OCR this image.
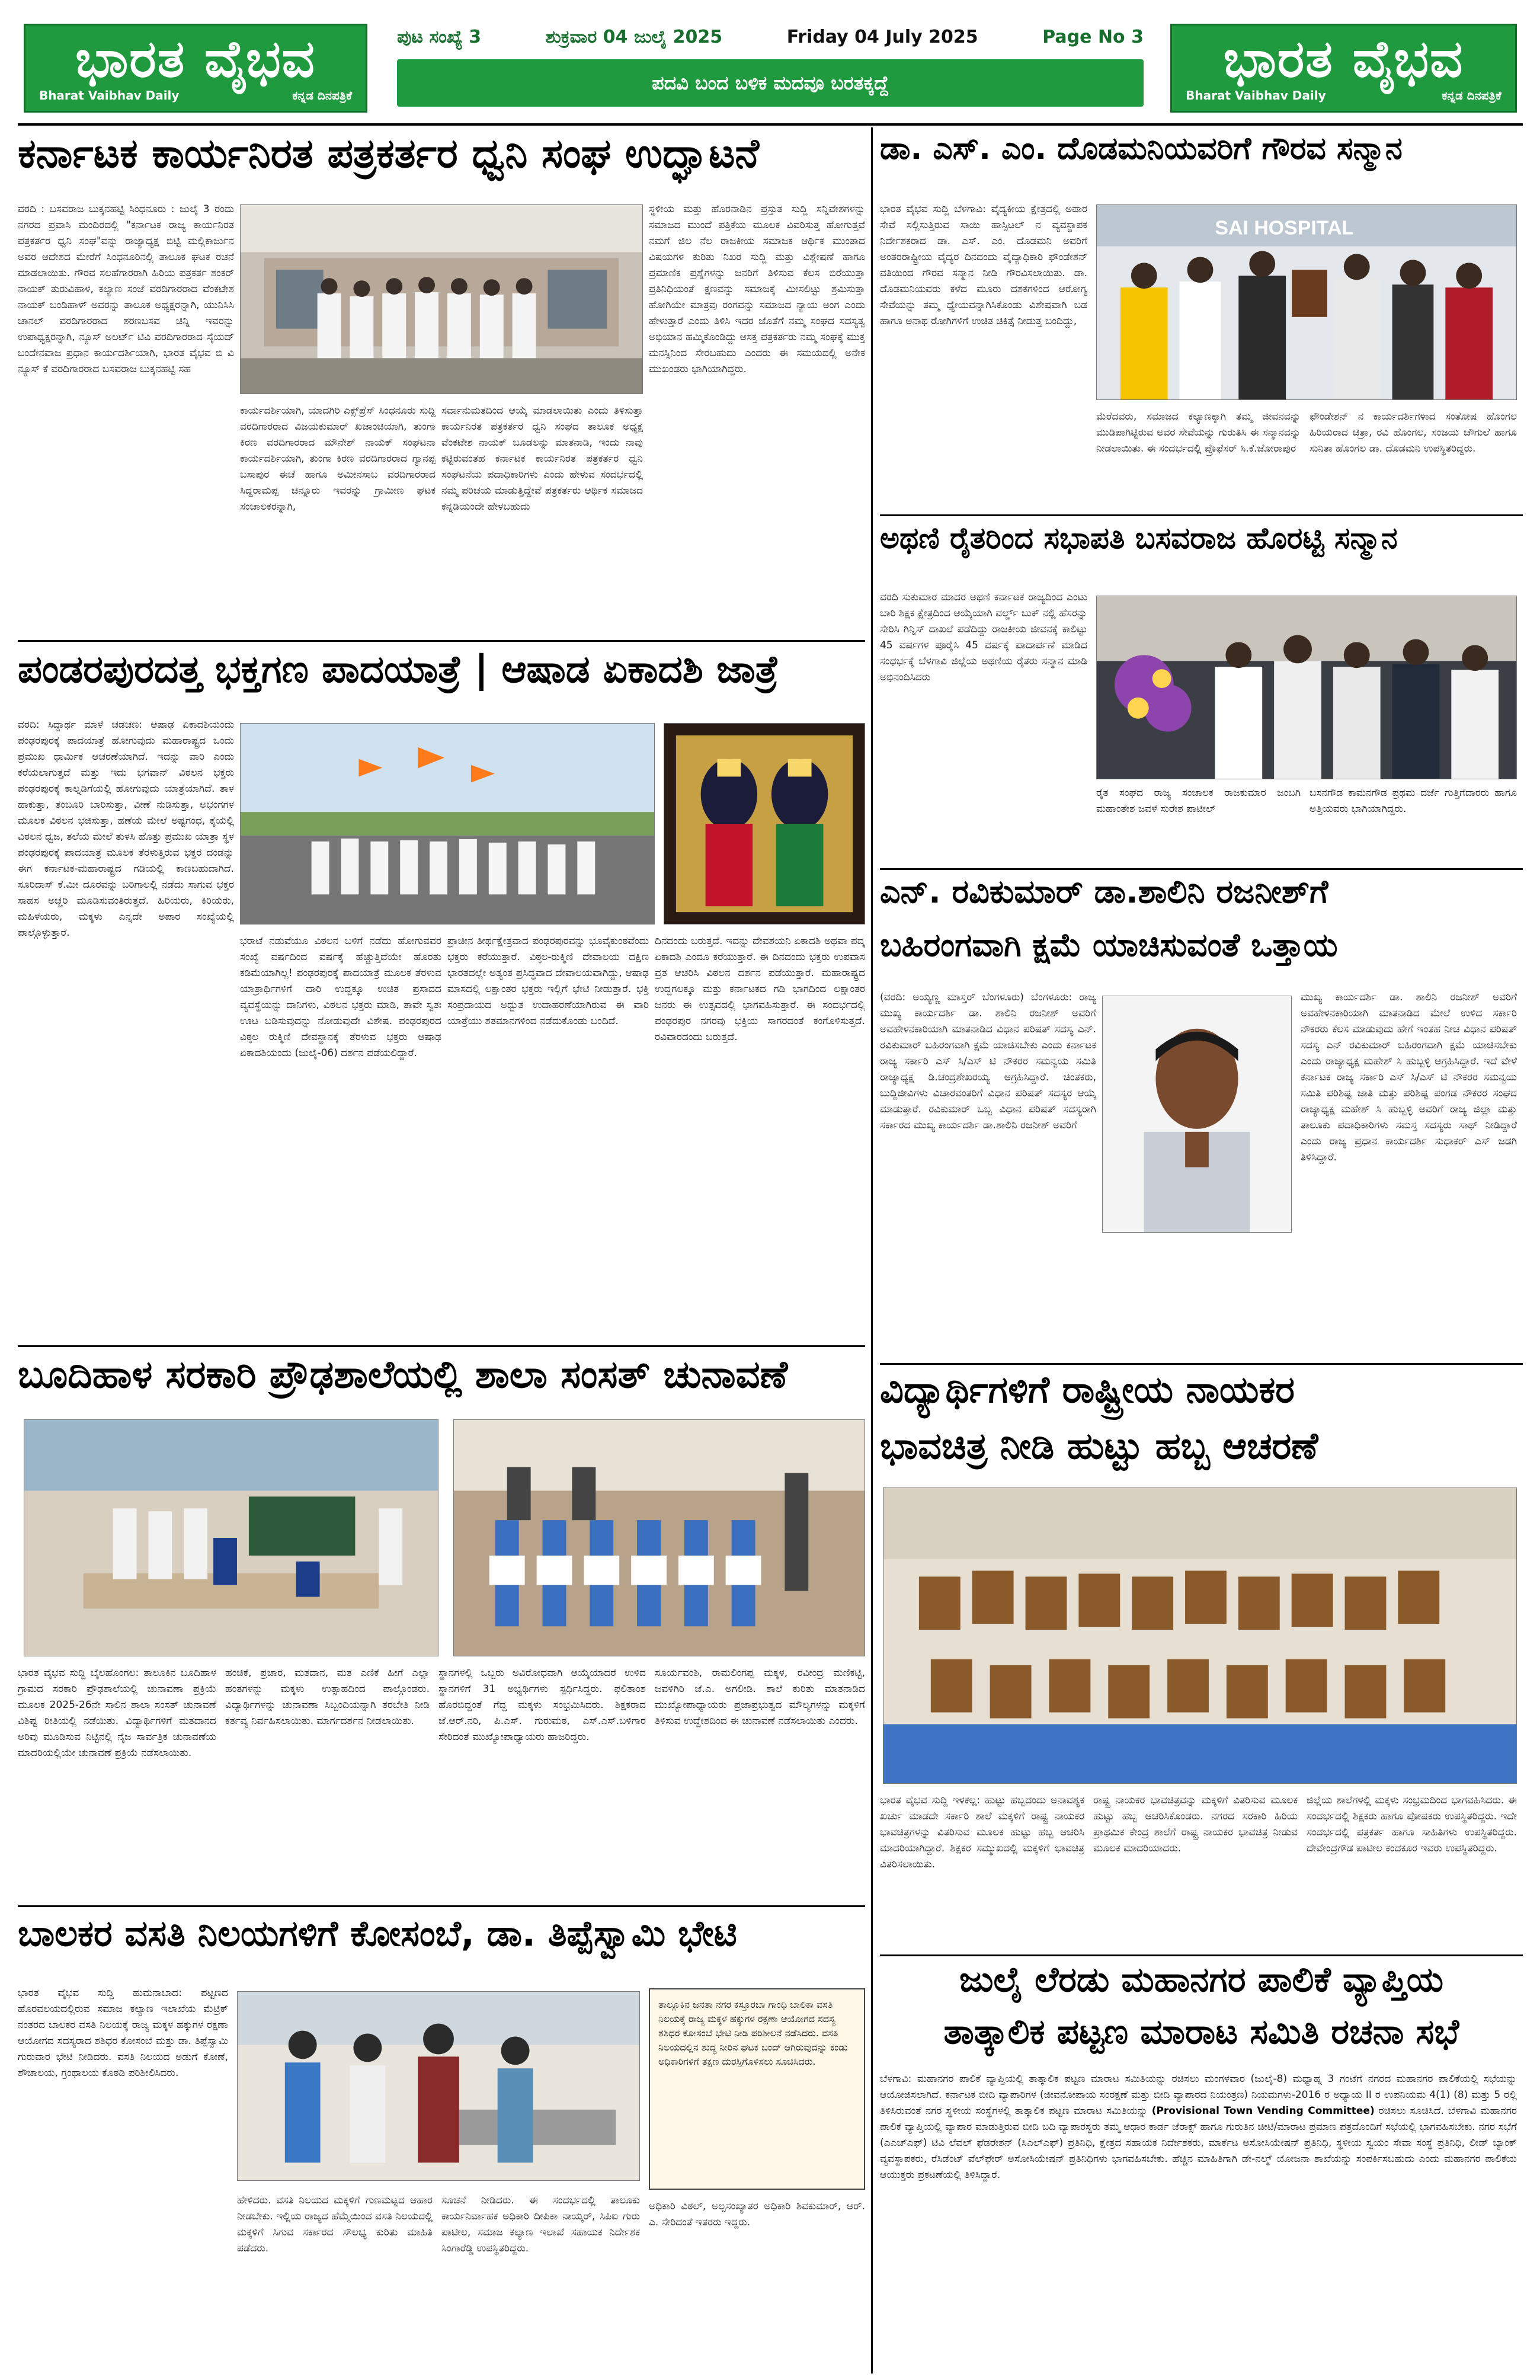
ಭಾರತ ವೈಭವ
Bharat Vaibhav Daily	ಕನ್ನಡ ದಿನಪತ್ರಿಕೆ
ಪುಟ ಸಂಖ್ಯೆ 3	ಶುಕ್ರವಾರ 04 ಜುಲೈ 2025	Friday 04 July 2025	Page No 3
ಪದವಿ ಬಂದ ಬಳಿಕ ಮದವೂ ಬರತಕ್ಕದ್ದೆ	ಭಾರತ ವೈಭವ
Bharat Vaibhav Daily	ಕನ್ನಡ ದಿನಪತ್ರಿಕೆ
ಕರ್ನಾಟಕ ಕಾರ್ಯನಿರತ ಪತ್ರಕರ್ತರ ಧ್ವನಿ ಸಂಘ ಉದ್ಘಾಟನೆ
ವರದಿ : ಬಸವರಾಜ ಬುಕ್ಕನಹಟ್ಟಿ ಸಿಂಧನೂರು : ಜುಲೈ 3 ರಂದು ನಗರದ ಪ್ರವಾಸಿ ಮಂದಿರದಲ್ಲಿ "ಕರ್ನಾಟಕ ರಾಜ್ಯ ಕಾರ್ಯನಿರತ ಪತ್ರಕರ್ತರ ಧ್ವನಿ ಸಂಘ"ವನ್ನು ರಾಜ್ಯಾಧ್ಯಕ್ಷ ಬಿಟ್ಟಿ ಮಲ್ಲಿಕಾರ್ಜುನ ಅವರ ಆದೇಶದ ಮೇರೆಗೆ ಸಿಂಧನೂರಿನಲ್ಲಿ ತಾಲೂಕ ಘಟಕ ರಚನೆ ಮಾಡಲಾಯಿತು. ಗೌರವ ಸಲಹೆಗಾರರಾಗಿ ಹಿರಿಯ ಪತ್ರಕರ್ತ ಶಂಕರ್ ನಾಯಕ್ ತುರುವಿಹಾಳ, ಕಲ್ಯಾಣ ಸಂಜೆ ವರದಿಗಾರರಾದ ವೆಂಕಟೇಶ ನಾಯಕ್ ಬಂಡಿಹಾಳ್ ಅವರನ್ನು ತಾಲೂಕ ಅಧ್ಯಕ್ಷರನ್ನಾಗಿ, ಯುನಿಸಿಸಿ ಚಾನಲ್ ವರದಿಗಾರರಾದ ಶರಣಬಸವ ಚಿನ್ನಿ ಇವರನ್ನು ಉಪಾಧ್ಯಕ್ಷರನ್ನಾಗಿ, ನ್ಯೂಸ್ ಅಲರ್ಟ್ ಟಿವಿ ವರದಿಗಾರರಾದ ಸೈಯದ್ ಬಂದೇನವಾಜ ಪ್ರಧಾನ ಕಾರ್ಯದರ್ಶಿಯಾಗಿ, ಭಾರತ ವೈಭವ ಬಿ ವಿ ನ್ಯೂಸ್ ಕೆ ವರದಿಗಾರರಾದ ಬಸವರಾಜ ಬುಕ್ಕನಹಟ್ಟಿ ಸಹ
ಕಾರ್ಯದರ್ಶಿಯಾಗಿ, ಯಾದಗಿರಿ ಎಕ್ಸ್‌ಪ್ರೆಸ್ ಸಿಂಧನೂರು ಸುದ್ದಿ ವರದಿಗಾರರಾದ ವಿಜಯಕುಮಾರ್ ಖಜಾಂಚಿಯಾಗಿ, ತುಂಗಾ ಕಿರಣ ವರದಿಗಾರರಾದ ಮೌನೇಶ್ ನಾಯಕ್ ಸಂಘಟನಾ ಕಾರ್ಯದರ್ಶಿಯಾಗಿ, ತುಂಗಾ ಕಿರಣ ವರದಿಗಾರರಾದ ಗ್ಯಾನಪ್ಪ ಬಸಾಪುರ ಈಚೆ ಹಾಗೂ ಅಮೀನಸಾಬ ವರದಿಗಾರರಾದ ಸಿದ್ದರಾಮಪ್ಪ ಚಿನ್ನೂರು ಇವರನ್ನು ಗ್ರಾಮೀಣ ಘಟಕ ಸಂಚಾಲಕರನ್ನಾಗಿ,
ಸರ್ವಾನುಮತದಿಂದ ಆಯ್ಕೆ ಮಾಡಲಾಯಿತು ಎಂದು ತಿಳಿಸುತ್ತಾ ಕಾರ್ಯನಿರತ ಪತ್ರಕರ್ತರ ಧ್ವನಿ ಸಂಘದ ತಾಲೂಕ ಅಧ್ಯಕ್ಷ ವೆಂಕಟೇಶ ನಾಯಕ್ ಬೂಡಲನ್ನು ಮಾತನಾಡಿ, ಇಂದು ನಾವು ಕಟ್ಟಿರುವಂತಹ ಕರ್ನಾಟಕ ಕಾರ್ಯನಿರತ ಪತ್ರಕರ್ತರ ಧ್ವನಿ ಸಂಘಟನೆಯ ಪದಾಧಿಕಾರಿಗಳು ಎಂದು ಹೇಳುವ ಸಂದರ್ಭದಲ್ಲಿ ನಮ್ಮ ಪರಿಚಯ ಮಾಡುತ್ತಿದ್ದೇವೆ ಪತ್ರಕರ್ತರು ಆರ್ಥಿಕ ಸಮಾಜದ ಕನ್ನಡಿಯಂದೇ ಹೇಳಬಹುದು
ಸ್ಥಳೀಯ ಮತ್ತು ಹೊರನಾಡಿನ ಪ್ರಸ್ತುತ ಸುದ್ದಿ ಸನ್ನಿವೇಶಗಳನ್ನು ಸಮಾಜದ ಮುಂದೆ ಪತ್ರಿಕೆಯ ಮೂಲಕ ವಿವರಿಸುತ್ತ ಹೋಗುತ್ತವೆ ನಮಗೆ ಜಿಲ ನೆಲ ರಾಜಕೀಯ ಸಮಾಜಕ ಆರ್ಥಿಕ ಮುಂತಾದ ವಿಷಯಗಳ ಕುರಿತು ನಿಖರ ಸುದ್ದಿ ಮತ್ತು ವಿಶ್ಲೇಷಣೆ ಹಾಗೂ ಪ್ರಮಾಣಿಕ ಪ್ರಶ್ನೆಗಳನ್ನು ಜನರಿಗೆ ತಿಳಿಸುವ ಕೆಲಸ ಬಿರೆಯುತ್ತಾ ಪ್ರತಿನಿಧಿಯಂತೆ ಕ್ಷಣವನ್ನು ಸಮಾಜಕ್ಕೆ ಮೀಸಲಿಟ್ಟು ಶ್ರಮಿಸುತ್ತಾ ಹೋಗಿಯೇ ಮಾತ್ರವು ರಂಗವನ್ನು ಸಮಾಜದ ನ್ಯಾಯ ಅಂಗ ಎಂದು ಹೇಳುತ್ತಾರೆ ಎಂದು ತಿಳಿಸಿ ಇದರ ಜೊತೆಗೆ ನಮ್ಮ ಸಂಘದ ಸದಸ್ಯತ್ವ ಅಭಿಯಾನ ಹಮ್ಮಿಕೊಂಡಿದ್ದು ಆಸಕ್ತ ಪತ್ರಕರ್ತರು ನಮ್ಮ ಸಂಘಕ್ಕೆ ಮುಕ್ತ ಮನಸ್ಸಿನಿಂದ ಸೇರಬಹುದು ಎಂದರು ಈ ಸಮಯದಲ್ಲಿ ಅನೇಕ ಮುಖಂಡರು ಭಾಗಿಯಾಗಿದ್ದರು.
ಪಂಡರಪುರದತ್ತ ಭಕ್ತಗಣ ಪಾದಯಾತ್ರೆ | ಆಷಾಡ ಏಕಾದಶಿ ಜಾತ್ರೆ
ವರದಿ: ಸಿದ್ದಾರ್ಥ ಮಾಳೆ ಚಡಚಣ: ಆಷಾಢ ಏಕಾದಶಿಯಂದು ಪಂಢರಪುರಕ್ಕೆ ಪಾದಯಾತ್ರೆ ಹೋಗುವುದು ಮಹಾರಾಷ್ಟ್ರದ ಒಂದು ಪ್ರಮುಖ ಧಾರ್ಮಿಕ ಆಚರಣೆಯಾಗಿದೆ. ಇದನ್ನು ವಾರಿ ಎಂದು ಕರೆಯಲಾಗುತ್ತದೆ ಮತ್ತು ಇದು ಭಗವಾನ್ ವಿಠಲನ ಭಕ್ತರು ಪಂಢರಪುರಕ್ಕೆ ಕಾಲ್ನಡಿಗೆಯಲ್ಲಿ ಹೋಗುವುದು ಯಾತ್ರೆಯಾಗಿದೆ. ತಾಳ ಹಾಕುತ್ತಾ, ತಂಬೂರಿ ಬಾರಿಸುತ್ತಾ, ವೀಣೆ ನುಡಿಸುತ್ತಾ, ಅಭಂಗಗಳ ಮೂಲಕ ವಿಠಲನ ಭಜಿಸುತ್ತಾ, ಹಣೆಯ ಮೇಲೆ ಅಷ್ಟಗಂಧ, ಕೈಯಲ್ಲಿ ವಿಠಲನ ಧ್ವಜ, ತಲೆಯ ಮೇಲೆ ತುಳಸಿ ಹೊತ್ತು ಪ್ರಮುಖ ಯಾತ್ರಾ ಸ್ಥಳ ಪಂಢರಪುರಕ್ಕೆ ಪಾದಯಾತ್ರೆ ಮೂಲಕ ತೆರಳುತ್ತಿರುವ ಭಕ್ತರ ದಂಡನ್ನು ಈಗ ಕರ್ನಾಟಕ-ಮಹಾರಾಷ್ಟ್ರದ ಗಡಿಯಲ್ಲಿ ಕಾಣಬಹುದಾಗಿದೆ. ಸೂರಿದಾಸ್ ಕೆ.ಮೀ ದೂರವನ್ನು ಬರಿಗಾಲಲ್ಲಿ ನಡೆದು ಸಾಗುವ ಭಕ್ತರ ಸಾಹಸ ಅಚ್ಚರಿ ಮೂಡಿಸುವಂತಿರುತ್ತದೆ. ಹಿರಿಯರು, ಕಿರಿಯರು, ಮಹಿಳೆಯರು, ಮಕ್ಕಳು ಎನ್ನದೇ ಅಪಾರ ಸಂಖ್ಯೆಯಲ್ಲಿ ಪಾಲ್ಗೊಳ್ಳುತ್ತಾರೆ.
ಭರಾಟೆ ನಡುವೆಯೂ ವಿಠಲನ ಬಳಿಗೆ ನಡೆದು ಹೋಗುವವರ ಸಂಖ್ಯೆ ವರ್ಷದಿಂದ ವರ್ಷಕ್ಕೆ ಹೆಚ್ಚುತ್ತಿದೆಯೇ ಹೊರತು ಕಡಿಮೆಯಾಗಿಲ್ಲ! ಪಂಢರಪುರಕ್ಕೆ ಪಾದಯಾತ್ರೆ ಮೂಲಕ ತೆರಳುವ ಯಾತ್ರಾರ್ಥಿಗಳಿಗೆ ದಾರಿ ಉದ್ದಕ್ಕೂ ಉಚಿತ ಪ್ರಸಾದದ ವ್ಯವಸ್ಥೆಯನ್ನು ದಾನಿಗಳು, ವಿಠಲನ ಭಕ್ತರು ಮಾಡಿ, ತಾವೇ ಸ್ವತಃ ಊಟ ಬಡಿಸುವುದನ್ನು ನೋಡುವುದೇ ವಿಶೇಷ. ಪಂಢರಪುರದ ವಿಠ್ಠಲ ರುಕ್ಮಿಣಿ ದೇವಸ್ಥಾನಕ್ಕೆ ತೆರಳುವ ಭಕ್ತರು ಆಷಾಢ ಏಕಾದಶಿಯಂದು (ಜುಲೈ-06) ದರ್ಶನ ಪಡೆಯಲಿದ್ದಾರೆ.
ಪ್ರಾಚೀನ ತೀರ್ಥಕ್ಷೇತ್ರವಾದ ಪಂಢರಪುರವನ್ನು ಭೂವೈಕುಂಠವೆಂದು ಭಕ್ತರು ಕರೆಯುತ್ತಾರೆ. ವಿಠ್ಠಲ-ರುಕ್ಮಿಣಿ ದೇವಾಲಯ ದಕ್ಷಿಣ ಭಾರತದಲ್ಲೇ ಅತ್ಯಂತ ಪ್ರಸಿದ್ಧವಾದ ದೇವಾಲಯವಾಗಿದ್ದು, ಆಷಾಢ ಮಾಸದಲ್ಲಿ ಲಕ್ಷಾಂತರ ಭಕ್ತರು ಇಲ್ಲಿಗೆ ಭೇಟಿ ನೀಡುತ್ತಾರೆ. ಭಕ್ತಿ ಸಂಪ್ರದಾಯದ ಅದ್ಭುತ ಉದಾಹರಣೆಯಾಗಿರುವ ಈ ವಾರಿ ಯಾತ್ರೆಯು ಶತಮಾನಗಳಿಂದ ನಡೆದುಕೊಂಡು ಬಂದಿದೆ.
ದಿನದಂದು ಬರುತ್ತದೆ. ಇದನ್ನು ದೇವಶಯನಿ ಏಕಾದಶಿ ಅಥವಾ ಪದ್ಮ ಏಕಾದಶಿ ಎಂದೂ ಕರೆಯುತ್ತಾರೆ. ಈ ದಿನದಂದು ಭಕ್ತರು ಉಪವಾಸ ವ್ರತ ಆಚರಿಸಿ ವಿಠಲನ ದರ್ಶನ ಪಡೆಯುತ್ತಾರೆ. ಮಹಾರಾಷ್ಟ್ರದ ಉದ್ದಗಲಕ್ಕೂ ಮತ್ತು ಕರ್ನಾಟಕದ ಗಡಿ ಭಾಗದಿಂದ ಲಕ್ಷಾಂತರ ಜನರು ಈ ಉತ್ಸವದಲ್ಲಿ ಭಾಗವಹಿಸುತ್ತಾರೆ. ಈ ಸಂದರ್ಭದಲ್ಲಿ ಪಂಢರಪುರ ನಗರವು ಭಕ್ತಿಯ ಸಾಗರದಂತೆ ಕಂಗೊಳಿಸುತ್ತದೆ. ರವಿವಾರದಂದು ಬರುತ್ತದೆ.
ಬೂದಿಹಾಳ ಸರಕಾರಿ ಪ್ರೌಢಶಾಲೆಯಲ್ಲಿ ಶಾಲಾ ಸಂಸತ್ ಚುನಾವಣೆ
ಭಾರತ ವೈಭವ ಸುದ್ದಿ ಬೈಲಹೊಂಗಲ: ತಾಲೂಕಿನ ಬೂದಿಹಾಳ ಗ್ರಾಮದ ಸರಕಾರಿ ಪ್ರೌಢಶಾಲೆಯಲ್ಲಿ ಚುನಾವಣಾ ಪ್ರಕ್ರಿಯೆ ಮೂಲಕ 2025-26ನೇ ಸಾಲಿನ ಶಾಲಾ ಸಂಸತ್ ಚುನಾವಣೆ ವಿಶಿಷ್ಟ ರೀತಿಯಲ್ಲಿ ನಡೆಯಿತು. ವಿದ್ಯಾರ್ಥಿಗಳಿಗೆ ಮತದಾನದ ಅರಿವು ಮೂಡಿಸುವ ನಿಟ್ಟಿನಲ್ಲಿ ನೈಜ ಸಾರ್ವತ್ರಿಕ ಚುನಾವಣೆಯ ಮಾದರಿಯಲ್ಲಿಯೇ ಚುನಾವಣೆ ಪ್ರಕ್ರಿಯೆ ನಡೆಸಲಾಯಿತು.
ಹಂಚಿಕೆ, ಪ್ರಚಾರ, ಮತದಾನ, ಮತ ಎಣಿಕೆ ಹೀಗೆ ಎಲ್ಲಾ ಹಂತಗಳನ್ನು ಮಕ್ಕಳು ಉತ್ಸಾಹದಿಂದ ಪಾಲ್ಗೊಂಡರು. ವಿದ್ಯಾರ್ಥಿಗಳನ್ನು ಚುನಾವಣಾ ಸಿಬ್ಬಂದಿಯನ್ನಾಗಿ ತರಬೇತಿ ನೀಡಿ ಕರ್ತವ್ಯ ನಿರ್ವಹಿಸಲಾಯಿತು. ಮಾರ್ಗದರ್ಶನ ನೀಡಲಾಯಿತು.
ಸ್ಥಾನಗಳಲ್ಲಿ ಒಬ್ಬರು ಅವಿರೋಧವಾಗಿ ಆಯ್ಕೆಯಾದರೆ ಉಳಿದ ಸ್ಥಾನಗಳಿಗೆ 31 ಅಭ್ಯರ್ಥಿಗಳು ಸ್ಪರ್ಧಿಸಿದ್ದರು. ಫಲಿತಾಂಶ ಹೊರಬಿದ್ದಂತೆ ಗೆದ್ದ ಮಕ್ಕಳು ಸಂಭ್ರಮಿಸಿದರು. ಶಿಕ್ಷಕರಾದ ಜೆ.ಆರ್.ನರಿ, ಪಿ.ಎಸ್. ಗುರುಮಠ, ಎಸ್.ಎಸ್.ಬಳಿಗಾರ ಸೇರಿದಂತೆ ಮುಖ್ಯೋಪಾಧ್ಯಾಯರು ಹಾಜರಿದ್ದರು.
ಸೂರ್ಯವಂಶಿ, ರಾಮಲಿಂಗಪ್ಪ ಮಕ್ಕಳ, ರವೀಂದ್ರ ಮಣಿಕಟ್ಟಿ, ಜವಳಿಗಿರಿ ಜೆ.ಎ. ಅಗಲೀಡಿ. ಶಾಲೆ ಕುರಿತು ಮಾತನಾಡಿದ ಮುಖ್ಯೋಪಾಧ್ಯಾಯರು ಪ್ರಜಾಪ್ರಭುತ್ವದ ಮೌಲ್ಯಗಳನ್ನು ಮಕ್ಕಳಿಗೆ ತಿಳಿಸುವ ಉದ್ದೇಶದಿಂದ ಈ ಚುನಾವಣೆ ನಡೆಸಲಾಯಿತು ಎಂದರು.
ಬಾಲಕರ ವಸತಿ ನಿಲಯಗಳಿಗೆ ಕೋಸಂಬೆ, ಡಾ. ತಿಪ್ಪೆಸ್ವಾಮಿ ಭೇಟಿ
ಭಾರತ ವೈಭವ ಸುದ್ದಿ ಹುಮನಾಬಾದ: ಪಟ್ಟಣದ ಹೊರವಲಯದಲ್ಲಿರುವ ಸಮಾಜ ಕಲ್ಯಾಣ ಇಲಾಖೆಯ ಮೆಟ್ರಿಕ್ ನಂತರದ ಬಾಲಕರ ವಸತಿ ನಿಲಯಕ್ಕೆ ರಾಜ್ಯ ಮಕ್ಕಳ ಹಕ್ಕುಗಳ ರಕ್ಷಣಾ ಆಯೋಗದ ಸದಸ್ಯರಾದ ಶಶಿಧರ ಕೋಸಂಬೆ ಮತ್ತು ಡಾ. ತಿಪ್ಪೆಸ್ವಾಮಿ ಗುರುವಾರ ಭೇಟಿ ನೀಡಿದರು. ವಸತಿ ನಿಲಯದ ಅಡುಗೆ ಕೋಣೆ, ಶೌಚಾಲಯ, ಗ್ರಂಥಾಲಯ ಕೊಠಡಿ ಪರಿಶೀಲಿಸಿದರು.
ತಾಲ್ಲೂಕಿನ ಜನತಾ ನಗರ ಕಸ್ತೂರಬಾ ಗಾಂಧಿ ಬಾಲಿಕಾ ವಸತಿ ನಿಲಯಕ್ಕೆ ರಾಜ್ಯ ಮಕ್ಕಳ ಹಕ್ಕುಗಳ ರಕ್ಷಣಾ ಆಯೋಗದ ಸದಸ್ಯ ಶಶಿಧರ ಕೋಸಂಬೆ ಭೇಟಿ ನೀಡಿ ಪರಿಶೀಲನೆ ನಡೆಸಿದರು. ವಸತಿ ನಿಲಯದಲ್ಲಿನ ಶುದ್ಧ ನೀರಿನ ಘಟಕ ಬಂದ್ ಆಗಿರುವುದನ್ನು ಕಂಡು ಅಧಿಕಾರಿಗಳಿಗೆ ತಕ್ಷಣ ದುರಸ್ತಿಗೊಳಿಸಲು ಸೂಚಿಸಿದರು.
ಹೇಳಿದರು. ವಸತಿ ನಿಲಯದ ಮಕ್ಕಳಿಗೆ ಗುಣಮಟ್ಟದ ಆಹಾರ ನೀಡಬೇಕು. ಇಲ್ಲಿಯ ರಾಜ್ಯದ ಹೆಮ್ಮೆಯಿಂದ ವಸತಿ ನಿಲಯದಲ್ಲಿ ಮಕ್ಕಳಿಗೆ ಸಿಗುವ ಸರ್ಕಾರದ ಸೌಲಭ್ಯ ಕುರಿತು ಮಾಹಿತಿ ಪಡೆದರು.
ಸೂಚನೆ ನೀಡಿದರು. ಈ ಸಂದರ್ಭದಲ್ಲಿ ತಾಲೂಕು ಕಾರ್ಯನಿರ್ವಾಹಕ ಅಧಿಕಾರಿ ದೀಪಿಕಾ ನಾಯ್ಕರ್, ಸಿಪಿಐ ಗುರು ಪಾಟೀಲ, ಸಮಾಜ ಕಲ್ಯಾಣ ಇಲಾಖೆ ಸಹಾಯಕ ನಿರ್ದೇಶಕ ಸಿಂಗಾರೆಡ್ಡಿ ಉಪಸ್ಥಿತರಿದ್ದರು.
ಅಧಿಕಾರಿ ವಿಠಲ್, ಅಲ್ಪಸಂಖ್ಯಾತರ ಅಧಿಕಾರಿ ಶಿವಕುಮಾರ್, ಆರ್. ಎ. ಸೇರಿದಂತೆ ಇತರರು ಇದ್ದರು.
ಡಾ. ಎಸ್. ಎಂ. ದೊಡಮನಿಯವರಿಗೆ ಗೌರವ ಸನ್ಮಾನ
ಭಾರತ ವೈಭವ ಸುದ್ದಿ ಬೆಳಗಾವಿ: ವೈದ್ಯಕೀಯ ಕ್ಷೇತ್ರದಲ್ಲಿ ಅಪಾರ ಸೇವೆ ಸಲ್ಲಿಸುತ್ತಿರುವ ಸಾಯಿ ಹಾಸ್ಪಿಟಲ್ ನ ವ್ಯವಸ್ಥಾಪಕ ನಿರ್ದೇಶಕರಾದ ಡಾ. ಎಸ್. ಎಂ. ದೊಡಮನಿ ಅವರಿಗೆ ಅಂತರರಾಷ್ಟ್ರೀಯ ವೈದ್ಯರ ದಿನದಂದು ವೈದ್ಯಾಧಿಕಾರಿ ಫೌಂಡೇಶನ್ ವತಿಯಿಂದ ಗೌರವ ಸನ್ಮಾನ ನೀಡಿ ಗೌರವಿಸಲಾಯಿತು. ಡಾ. ದೊಡಮನಿಯವರು ಕಳೆದ ಮೂರು ದಶಕಗಳಿಂದ ಆರೋಗ್ಯ ಸೇವೆಯನ್ನು ತಮ್ಮ ಧ್ಯೇಯವನ್ನಾಗಿಸಿಕೊಂಡು ವಿಶೇಷವಾಗಿ ಬಡ ಹಾಗೂ ಅನಾಥ ರೋಗಿಗಳಿಗೆ ಉಚಿತ ಚಿಕಿತ್ಸೆ ನೀಡುತ್ತ ಬಂದಿದ್ದು,
SAI HOSPITAL
ಮೆರೆದವರು, ಸಮಾಜದ ಕಲ್ಯಾಣಕ್ಕಾಗಿ ತಮ್ಮ ಜೀವನವನ್ನು ಮುಡಿಪಾಗಿಟ್ಟಿರುವ ಅವರ ಸೇವೆಯನ್ನು ಗುರುತಿಸಿ ಈ ಸನ್ಮಾನವನ್ನು ನೀಡಲಾಯಿತು. ಈ ಸಂದರ್ಭದಲ್ಲಿ ಪ್ರೊಫೆಸರ್ ಸಿ.ಕೆ.ಜೋರಾಪುರ
ಫೌಂಡೇಶನ್ ನ ಕಾರ್ಯದರ್ಶಿಗಳಾದ ಸಂತೋಷ ಹೊಂಗಲ ಹಿರಿಯರಾದ ಚಿತ್ರಾ, ರವಿ ಹೊಂಗಲ, ಸಂಜಯ ಚೌಗುಲೆ ಹಾಗೂ ಸುನಿತಾ ಹೊಂಗಲ ಡಾ. ದೊಡಮನಿ ಉಪಸ್ಥಿತರಿದ್ದರು.
ಅಥಣಿ ರೈತರಿಂದ ಸಭಾಪತಿ ಬಸವರಾಜ ಹೊರಟ್ಟಿ ಸನ್ಮಾನ
ವರದಿ ಸುಕುಮಾರ ಮಾದರ ಅಥಣಿ ಕರ್ನಾಟಕ ರಾಜ್ಯದಿಂದ ಎಂಟು ಬಾರಿ ಶಿಕ್ಷಕ ಕ್ಷೇತ್ರದಿಂದ ಆಯ್ಕೆಯಾಗಿ ವರ್ಲ್ಡ್ ಬುಕ್ ನಲ್ಲಿ ಹೆಸರನ್ನು ಸೇರಿಸಿ ಗಿನ್ನಿಸ್ ದಾಖಲೆ ಪಡೆದಿದ್ದು ರಾಜಕೀಯ ಜೀವನಕ್ಕೆ ಕಾಲಿಟ್ಟು 45 ವರ್ಷಗಳ ಪೂರೈಸಿ 45 ವರ್ಷಕ್ಕೆ ಪಾದಾರ್ಪಣೆ ಮಾಡಿದ ಸಂಧರ್ಭಕ್ಕೆ ಬೆಳಗಾವಿ ಜಿಲ್ಲೆಯ ಅಥಣಿಯ ರೈತರು ಸನ್ಮಾನ ಮಾಡಿ ಅಭಿನಂದಿಸಿದರು
ರೈತ ಸಂಘದ ರಾಜ್ಯ ಸಂಚಾಲಕ ರಾಜಕುಮಾರ ಜಂಬಗಿ ಮಹಾಂತೇಶ ಜವಳೆ ಸುರೇಶ ಪಾಟೀಲ್
ಬಸನಗೌಡ ಕಾಮನಗೌಡ ಪ್ರಥಮ ದರ್ಜೆ ಗುತ್ತಿಗೆದಾರರು ಹಾಗೂ ಅತ್ತಿಯವರು ಭಾಗಿಯಾಗಿದ್ದರು.
ಎನ್. ರವಿಕುಮಾರ್ ಡಾ.ಶಾಲಿನಿ ರಜನೀಶ್‌ಗೆ
ಬಹಿರಂಗವಾಗಿ ಕ್ಷಮೆ ಯಾಚಿಸುವಂತೆ ಒತ್ತಾಯ
(ವರದಿ: ಅಯ್ಯಣ್ಣ ಮಾಸ್ತರ್ ಬೆಂಗಳೂರು) ಬೆಂಗಳೂರು: ರಾಜ್ಯ ಮುಖ್ಯ ಕಾರ್ಯದರ್ಶಿ ಡಾ. ಶಾಲಿನಿ ರಜನೀಶ್ ಅವರಿಗೆ ಅವಹೇಳನಕಾರಿಯಾಗಿ ಮಾತನಾಡಿದ ವಿಧಾನ ಪರಿಷತ್ ಸದಸ್ಯ ಎನ್. ರವಿಕುಮಾರ್ ಬಹಿರಂಗವಾಗಿ ಕ್ಷಮೆ ಯಾಚಿಸಬೇಕು ಎಂದು ಕರ್ನಾಟಕ ರಾಜ್ಯ ಸರ್ಕಾರಿ ಎಸ್ ಸಿ/ಎಸ್ ಟಿ ನೌಕರರ ಸಮನ್ವಯ ಸಮಿತಿ ರಾಜ್ಯಾಧ್ಯಕ್ಷ ಡಿ.ಚಂದ್ರಶೇಖರಯ್ಯ ಆಗ್ರಹಿಸಿದ್ದಾರೆ. ಚಿಂತಕರು, ಬುದ್ದಿಜೀವಿಗಳು ವಿಚಾರವಂತರಿಗೆ ವಿಧಾನ ಪರಿಷತ್ ಸದಸ್ಯರ ಆಯ್ಕೆ ಮಾಡುತ್ತಾರೆ. ರವಿಕುಮಾರ್ ಒಬ್ಬ ವಿಧಾನ ಪರಿಷತ್ ಸದಸ್ಯರಾಗಿ ಸರ್ಕಾರದ ಮುಖ್ಯ ಕಾರ್ಯದರ್ಶಿ ಡಾ.ಶಾಲಿನಿ ರಜನೀಶ್ ಅವರಿಗೆ
ಮುಖ್ಯ ಕಾರ್ಯದರ್ಶಿ ಡಾ. ಶಾಲಿನಿ ರಜನೀಶ್ ಅವರಿಗೆ ಅವಹೇಳನಕಾರಿಯಾಗಿ ಮಾತನಾಡಿದ ಮೇಲೆ ಉಳಿದ ಸರ್ಕಾರಿ ನೌಕರರು ಕೆಲಸ ಮಾಡುವುದು ಹೇಗೆ ಇಂತಹ ನೀಚ ವಿಧಾನ ಪರಿಷತ್ ಸದಸ್ಯ ಎನ್ ರವಿಕುಮಾರ್ ಬಹಿರಂಗವಾಗಿ ಕ್ಷಮೆ ಯಾಚಿಸಬೇಕು ಎಂದು ರಾಜ್ಯಾಧ್ಯಕ್ಷ ಮಹೇಶ್ ಸಿ ಹುಬ್ಬಳ್ಳಿ ಆಗ್ರಹಿಸಿದ್ದಾರೆ. ಇದೆ ವೇಳೆ ಕರ್ನಾಟಕ ರಾಜ್ಯ ಸರ್ಕಾರಿ ಎಸ್ ಸಿ/ಎಸ್ ಟಿ ನೌಕರರ ಸಮನ್ವಯ ಸಮಿತಿ ಪರಿಶಿಷ್ಟ ಜಾತಿ ಮತ್ತು ಪರಿಶಿಷ್ಟ ಪಂಗಡ ನೌಕರರ ಸಂಘದ ರಾಜ್ಯಾಧ್ಯಕ್ಷ ಮಹೇಶ್ ಸಿ ಹುಬ್ಬಳ್ಳಿ ಅವರಿಗೆ ರಾಜ್ಯ ಜಿಲ್ಲಾ ಮತ್ತು ತಾಲೂಕು ಪದಾಧಿಕಾರಿಗಳು ಸಮಸ್ತ ಸದಸ್ಯರು ಸಾಥ್ ನೀಡಿದ್ದಾರೆ ಎಂದು ರಾಜ್ಯ ಪ್ರಧಾನ ಕಾರ್ಯದರ್ಶಿ ಸುಧಾಕರ್ ಎಸ್ ಜಡಗಿ ತಿಳಿಸಿದ್ದಾರೆ.
ವಿದ್ಯಾರ್ಥಿಗಳಿಗೆ ರಾಷ್ಟ್ರೀಯ ನಾಯಕರ
ಭಾವಚಿತ್ರ ನೀಡಿ ಹುಟ್ಟು ಹಬ್ಬ ಆಚರಣೆ
ಭಾರತ ವೈಭವ ಸುದ್ದಿ ಇಳಕಲ್ಲ: ಹುಟ್ಟು ಹಬ್ಬದಂದು ಅನಾವಶ್ಯಕ ಖರ್ಚು ಮಾಡದೇ ಸರ್ಕಾರಿ ಶಾಲೆ ಮಕ್ಕಳಿಗೆ ರಾಷ್ಟ್ರ ನಾಯಕರ ಭಾವಚಿತ್ರಗಳನ್ನು ವಿತರಿಸುವ ಮೂಲಕ ಹುಟ್ಟು ಹಬ್ಬ ಆಚರಿಸಿ ಮಾದರಿಯಾಗಿದ್ದಾರೆ. ಶಿಕ್ಷಕರ ಸಮ್ಮುಖದಲ್ಲಿ ಮಕ್ಕಳಿಗೆ ಭಾವಚಿತ್ರ ವಿತರಿಸಲಾಯಿತು.
ರಾಷ್ಟ್ರ ನಾಯಕರ ಭಾವಚಿತ್ರವನ್ನು ಮಕ್ಕಳಿಗೆ ವಿತರಿಸುವ ಮೂಲಕ ಹುಟ್ಟು ಹಬ್ಬ ಆಚರಿಸಿಕೊಂಡರು. ನಗರದ ಸರಕಾರಿ ಹಿರಿಯ ಪ್ರಾಥಮಿಕ ಕೇಂದ್ರ ಶಾಲೆಗೆ ರಾಷ್ಟ್ರ ನಾಯಕರ ಭಾವಚಿತ್ರ ನೀಡುವ ಮೂಲಕ ಮಾದರಿಯಾದರು.
ಜಿಲ್ಲೆಯ ಶಾಲೆಗಳಲ್ಲಿ ಮಕ್ಕಳು ಸಂಭ್ರಮದಿಂದ ಭಾಗವಹಿಸಿದರು. ಈ ಸಂದರ್ಭದಲ್ಲಿ ಶಿಕ್ಷಕರು ಹಾಗೂ ಪೋಷಕರು ಉಪಸ್ಥಿತರಿದ್ದರು. ಇದೇ ಸಂದರ್ಭದಲ್ಲಿ ಪತ್ರಕರ್ತ ಹಾಗೂ ಸಾಹಿತಿಗಳು ಉಪಸ್ಥಿತರಿದ್ದರು. ದೇವೇಂದ್ರಗೌಡ ಪಾಟೀಲ ಕಂದಕೂರ ಇವರು ಉಪಸ್ಥಿತರಿದ್ದರು.
ಜುಲೈ ಲೆರಡು ಮಹಾನಗರ ಪಾಲಿಕೆ ವ್ಯಾಪ್ತಿಯ
ತಾತ್ಕಾಲಿಕ ಪಟ್ಟಣ ಮಾರಾಟ ಸಮಿತಿ ರಚನಾ ಸಭೆ
ಬೆಳಗಾವಿ: ಮಹಾನಗರ ಪಾಲಿಕೆ ವ್ಯಾಪ್ತಿಯಲ್ಲಿ ತಾತ್ಕಾಲಿಕ ಪಟ್ಟಣ ಮಾರಾಟ ಸಮಿತಿಯನ್ನು ರಚಿಸಲು ಮಂಗಳವಾರ (ಜುಲೈ-8) ಮಧ್ಯಾಹ್ನ 3 ಗಂಟೆಗೆ ನಗರದ ಮಹಾನಗರ ಪಾಲಿಕೆಯಲ್ಲಿ ಸಭೆಯನ್ನು ಆಯೋಜಿಸಲಾಗಿದೆ. ಕರ್ನಾಟಕ ಬೀದಿ ವ್ಯಾಪಾರಿಗಳ (ಜೀವನೋಪಾಯ ಸಂರಕ್ಷಣೆ ಮತ್ತು ಬೀದಿ ವ್ಯಾಪಾರದ ನಿಯಂತ್ರಣ) ನಿಯಮಗಳು-2016 ರ ಅಧ್ಯಾಯ II ರ ಉಪನಿಯಮ 4(1) (8) ಮತ್ತು 5 ರಲ್ಲಿ ತಿಳಿಸಿರುವಂತೆ ನಗರ ಸ್ಥಳೀಯ ಸಂಸ್ಥೆಗಳಲ್ಲಿ ತಾತ್ಕಾಲಿಕ ಪಟ್ಟಣ ಮಾರಾಟ ಸಮಿತಿಯನ್ನು (Provisional Town Vending Committee) ರಚಿಸಲು ಸೂಚಿಸಿದೆ. ಬೆಳಗಾವಿ ಮಹಾನಗರ ಪಾಲಿಕೆ ವ್ಯಾಪ್ತಿಯಲ್ಲಿ ವ್ಯಾಪಾರ ಮಾಡುತ್ತಿರುವ ಬೀದಿ ಬದಿ ವ್ಯಾಪಾರಸ್ಥರು ತಮ್ಮ ಆಧಾರ ಕಾರ್ಡ ಜೆರಾಕ್ಸ್ ಹಾಗೂ ಗುರುತಿನ ಚೀಟಿ/ಮಾರಾಟ ಪ್ರಮಾಣ ಪತ್ರದೊಂದಿಗೆ ಸಭೆಯಲ್ಲಿ ಭಾಗವಹಿಸಬೇಕು. ನಗರ ಸಭೆಗೆ (ಎಎಚ್‌ಎಫ್) ಟಿವಿ ಲೆವಲ್ ಫೆಡರೇಶನ್ (ಸಿಎಲ್‌ಎಫ್) ಪ್ರತಿನಿಧಿ, ಕ್ಷೇತ್ರದ ಸಹಾಯಕ ನಿರ್ದೇಶಕರು, ಮಾರ್ಕೆಟ ಅಸೋಸಿಯೇಷನ್ ಪ್ರತಿನಿಧಿ, ಸ್ಥಳೀಯ ಸ್ವಯಂ ಸೇವಾ ಸಂಸ್ಥೆ ಪ್ರತಿನಿಧಿ, ಲೀಡ್ ಬ್ಯಾಂಕ್ ವ್ಯವಸ್ಥಾಪಕರು, ರೆಸಿಡೆಂಟ್ ವೆಲ್‌ಫೇರ್ ಅಸೋಸಿಯೇಷನ್ ಪ್ರತಿನಿಧಿಗಳು ಭಾಗವಹಿಸಬೇಕು. ಹೆಚ್ಚಿನ ಮಾಹಿತಿಗಾಗಿ ಡೇ-ನಲ್ಮ್ ಯೋಜನಾ ಶಾಖೆಯನ್ನು ಸಂಪರ್ಕಿಸಬಹುದು ಎಂದು ಮಹಾನಗರ ಪಾಲಿಕೆಯ ಆಯುಕ್ತರು ಪ್ರಕಟಣೆಯಲ್ಲಿ ತಿಳಿಸಿದ್ದಾರೆ.
